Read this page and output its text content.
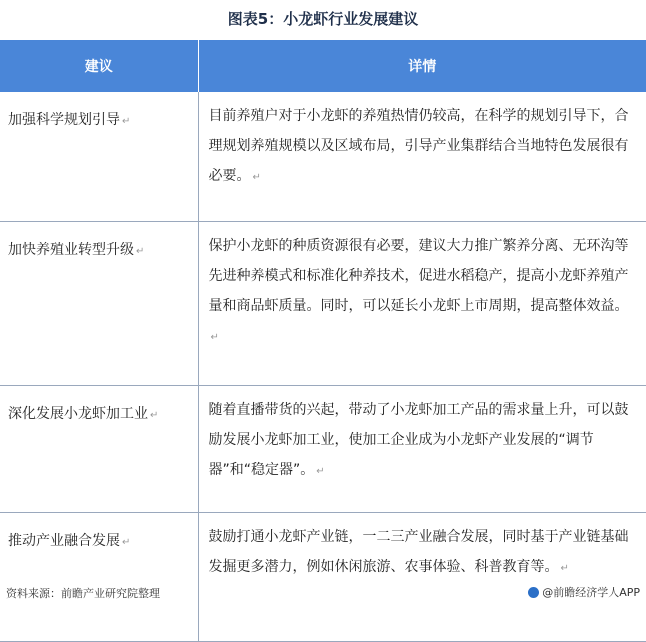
图表5：小龙虾行业发展建议
建议	详情
加强科学规划引导 ↵	目前养殖户对于小龙虾的养殖热情仍较高，在科学的规划引导下，合理规划养殖规模以及区域布局，引导产业集群结合当地特色发展很有必要。 ↵
加快养殖业转型升级 ↵	保护小龙虾的种质资源很有必要，建议大力推广繁养分离、无环沟等先进种养模式和标准化种养技术，促进水稻稳产，提高小龙虾养殖产量和商品虾质量。同时，可以延长小龙虾上市周期，提高整体效益。↵
深化发展小龙虾加工业 ↵	随着直播带货的兴起，带动了小龙虾加工产品的需求量上升，可以鼓励发展小龙虾加工业，使加工企业成为小龙虾产业发展的“调节器”和“稳定器”。 ↵
推动产业融合发展 ↵	鼓励打通小龙虾产业链，一二三产业融合发展，同时基于产业链基础发掘更多潜力，例如休闲旅游、农事体验、科普教育等。 ↵
资料来源：前瞻产业研究院整理	@前瞻经济学人APP
